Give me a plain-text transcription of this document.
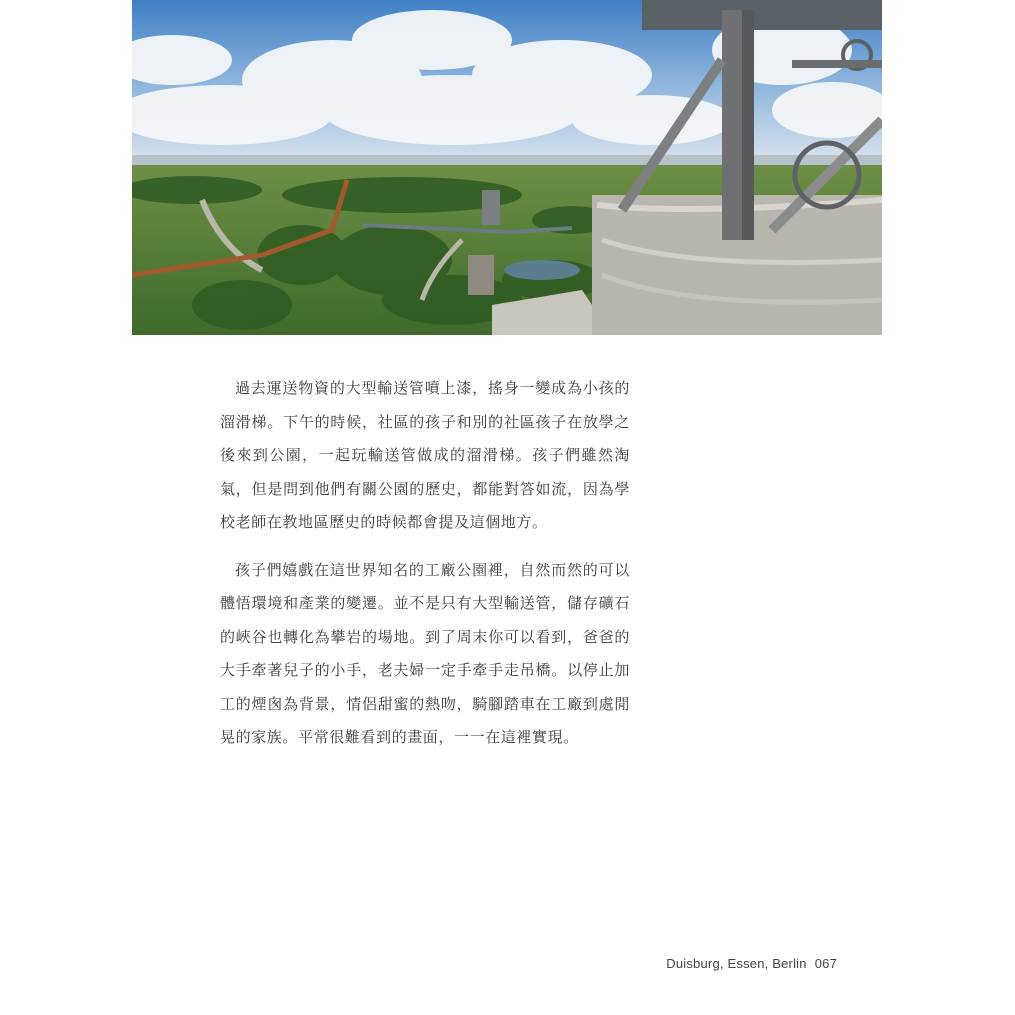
過去運送物資的大型輸送管噴上漆，搖身一變成為小孩的溜滑梯。下午的時候，社區的孩子和別的社區孩子在放學之後來到公園，一起玩輸送管做成的溜滑梯。孩子們雖然淘氣，但是問到他們有關公園的歷史，都能對答如流，因為學校老師在教地區歷史的時候都會提及這個地方。

孩子們嬉戲在這世界知名的工廠公園裡，自然而然的可以體悟環境和產業的變遷。並不是只有大型輸送管，儲存礦石的峽谷也轉化為攀岩的場地。到了周末你可以看到，爸爸的大手牽著兒子的小手，老夫婦一定手牽手走吊橋。以停止加工的煙囪為背景，情侶甜蜜的熱吻，騎腳踏車在工廠到處閒晃的家族。平常很難看到的畫面，一一在這裡實現。

Duisburg, Essen, Berlin 067
